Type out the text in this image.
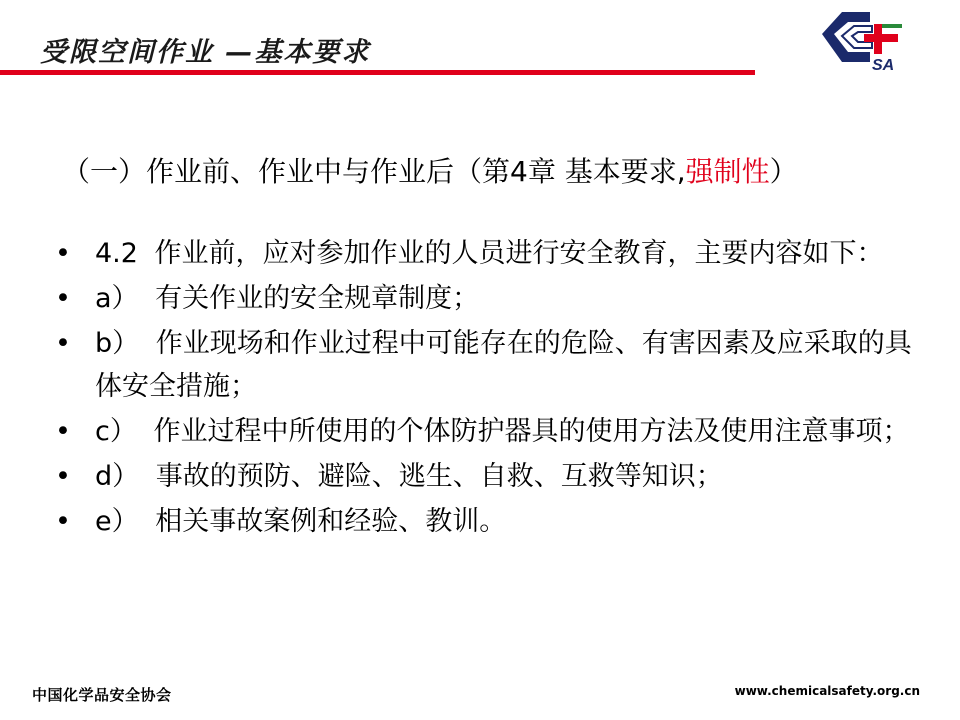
受限空间作业 —基本要求	SA
（一）作业前、作业中与作业后（第4章 基本要求,强制性）
• 4.2 作业前，应对参加作业的人员进行安全教育，主要内容如下：
• a） 有关作业的安全规章制度；
• b） 作业现场和作业过程中可能存在的危险、有害因素及应采取的具体安全措施；
• c） 作业过程中所使用的个体防护器具的使用方法及使用注意事项；
• d） 事故的预防、避险、逃生、自救、互救等知识；
• e） 相关事故案例和经验、教训。
中国化学品安全协会	www.chemicalsafety.org.cn
